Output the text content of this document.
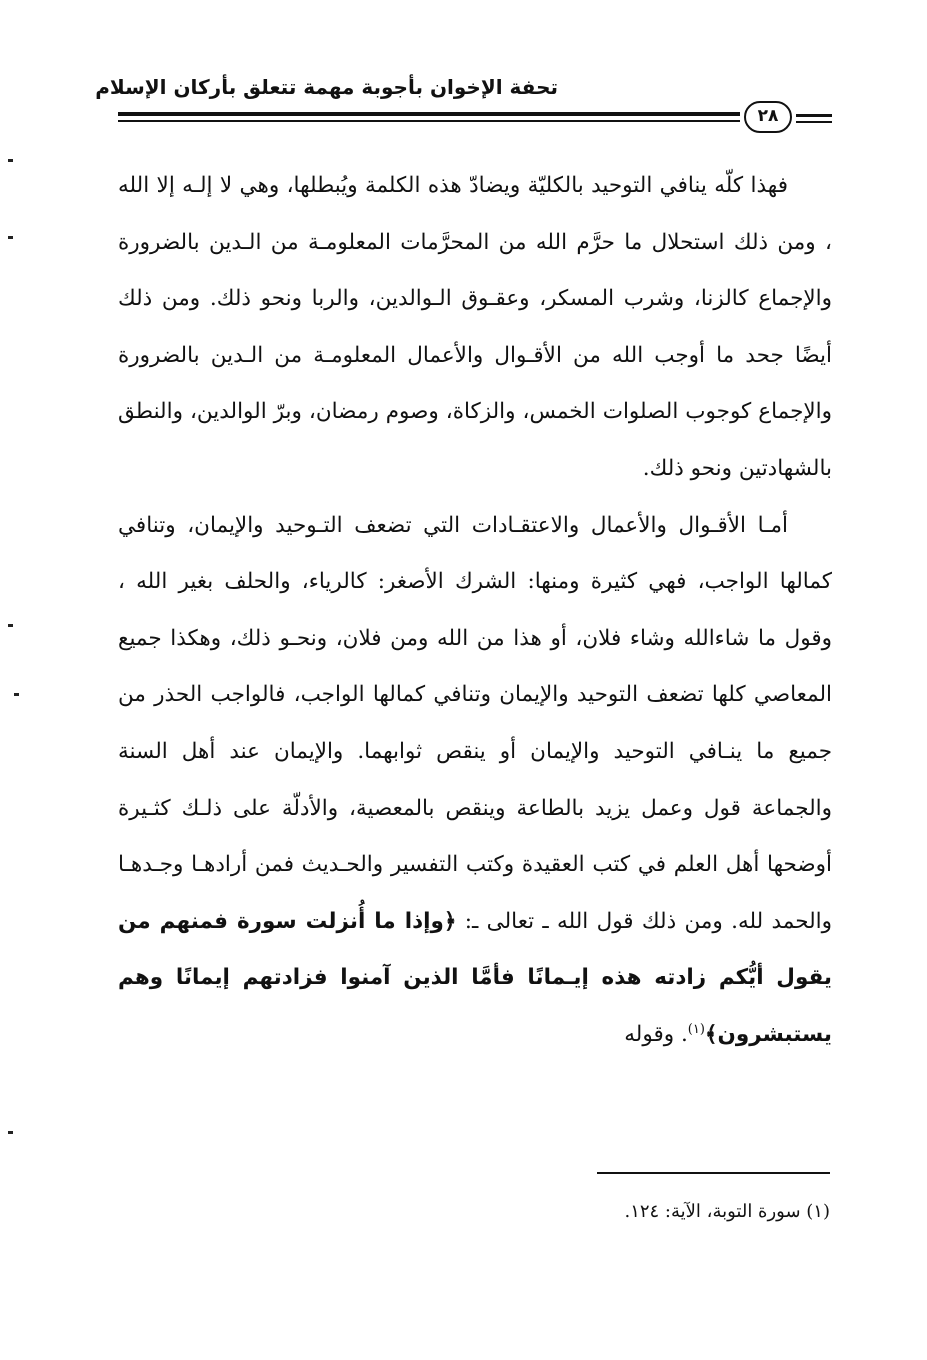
تحفة الإخوان بأجوبة مهمة تتعلق بأركان الإسلام
٢٨

فهذا كلّه ينافي التوحيد بالكليّة ويضادّ هذه الكلمة ويُبطلها، وهي لا إلـه إلا الله ، ومن ذلك استحلال ما حرَّم الله من المحرَّمات المعلومـة من الـدين بالضرورة والإجماع كالزنا، وشرب المسكر، وعقـوق الـوالدين، والربا ونحو ذلك. ومن ذلك أيضًا جحد ما أوجب الله من الأقـوال والأعمال المعلومـة من الـدين بالضرورة والإجماع كوجوب الصلوات الخمس، والزكاة، وصوم رمضان، وبرّ الوالدين، والنطق بالشهادتين ونحو ذلك.

أمـا الأقـوال والأعمال والاعتقـادات التي تضعف التـوحيد والإيمان، وتنافي كمالها الواجب، فهي كثيرة ومنها: الشرك الأصغر: كالرياء، والحلف بغير الله ، وقول ما شاءالله وشاء فلان، أو هذا من الله ومن فلان، ونحـو ذلك، وهكذا جميع المعاصي كلها تضعف التوحيد والإيمان وتنافي كمالها الواجب، فالواجب الحذر من جميع ما ينـافي التوحيد والإيمان أو ينقص ثوابهما. والإيمان عند أهل السنة والجماعة قول وعمل يزيد بالطاعة وينقص بالمعصية، والأدلّة على ذلـك كثـيرة أوضحها أهل العلم في كتب العقيدة وكتب التفسير والحـديث فمن أرادهـا وجـدهـا والحمد لله. ومن ذلك قول الله ـ تعالى ـ: ﴿وإذا ما أُنزلت سورة فمنهم من يقول أيُّكم زادته هذه إيـمانًا فأمَّا الذين آمنوا فزادتهم إيمانًا وهم يستبشرون﴾$^{(١)}$. وقوله

(١) سورة التوبة، الآية: ١٢٤.
